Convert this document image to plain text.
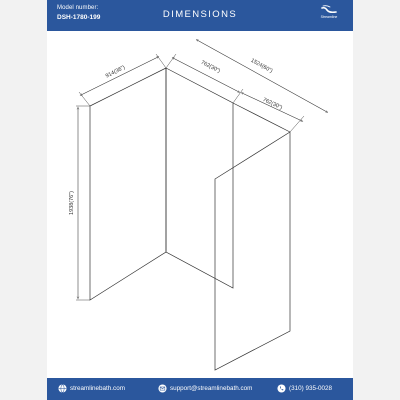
Model number:
DSH-1780-199	DIMENSIONS	Streamline
914(36")	762(30")	1524(60")
762(30")
1938(76")
streamlinebath.com	support@streamlinebath.com	(310) 935-0028
